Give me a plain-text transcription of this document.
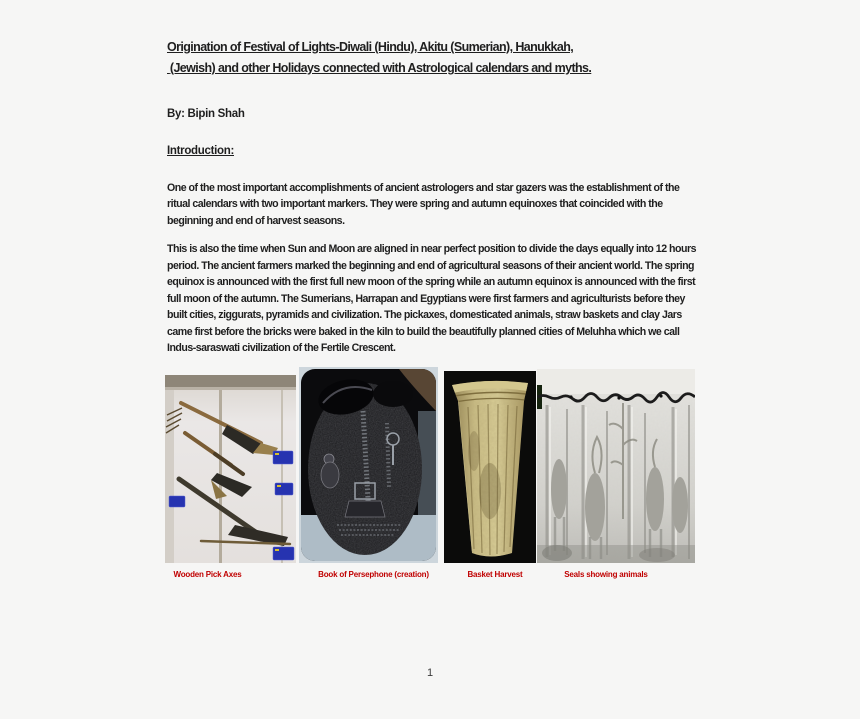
Origination of Festival of Lights-Diwali (Hindu), Akitu (Sumerian), Hanukkah,
(Jewish) and other Holidays connected with Astrological calendars and myths.
By: Bipin Shah
Introduction:

One of the most important accomplishments of ancient astrologers and star gazers was the establishment of the ritual calendars with two important markers. They were spring and autumn equinoxes that coincided with the beginning and end of harvest seasons.

This is also the time when Sun and Moon are aligned in near perfect position to divide the days equally into 12 hours period. The ancient farmers marked the beginning and end of agricultural seasons of their ancient world. The spring equinox is announced with the first full new moon of the spring while an autumn equinox is announced with the first full moon of the autumn. The Sumerians, Harrapan and Egyptians were first farmers and agriculturists before they built cities, ziggurats, pyramids and civilization. The pickaxes, domesticated animals, straw baskets and clay Jars came first before the bricks were baked in the kiln to build the beautifully planned cities of Meluhha which we call Indus-saraswati civilization of the Fertile Crescent.

Wooden Pick Axes	Book of Persephone (creation)	Basket Harvest	Seals showing animals
1
